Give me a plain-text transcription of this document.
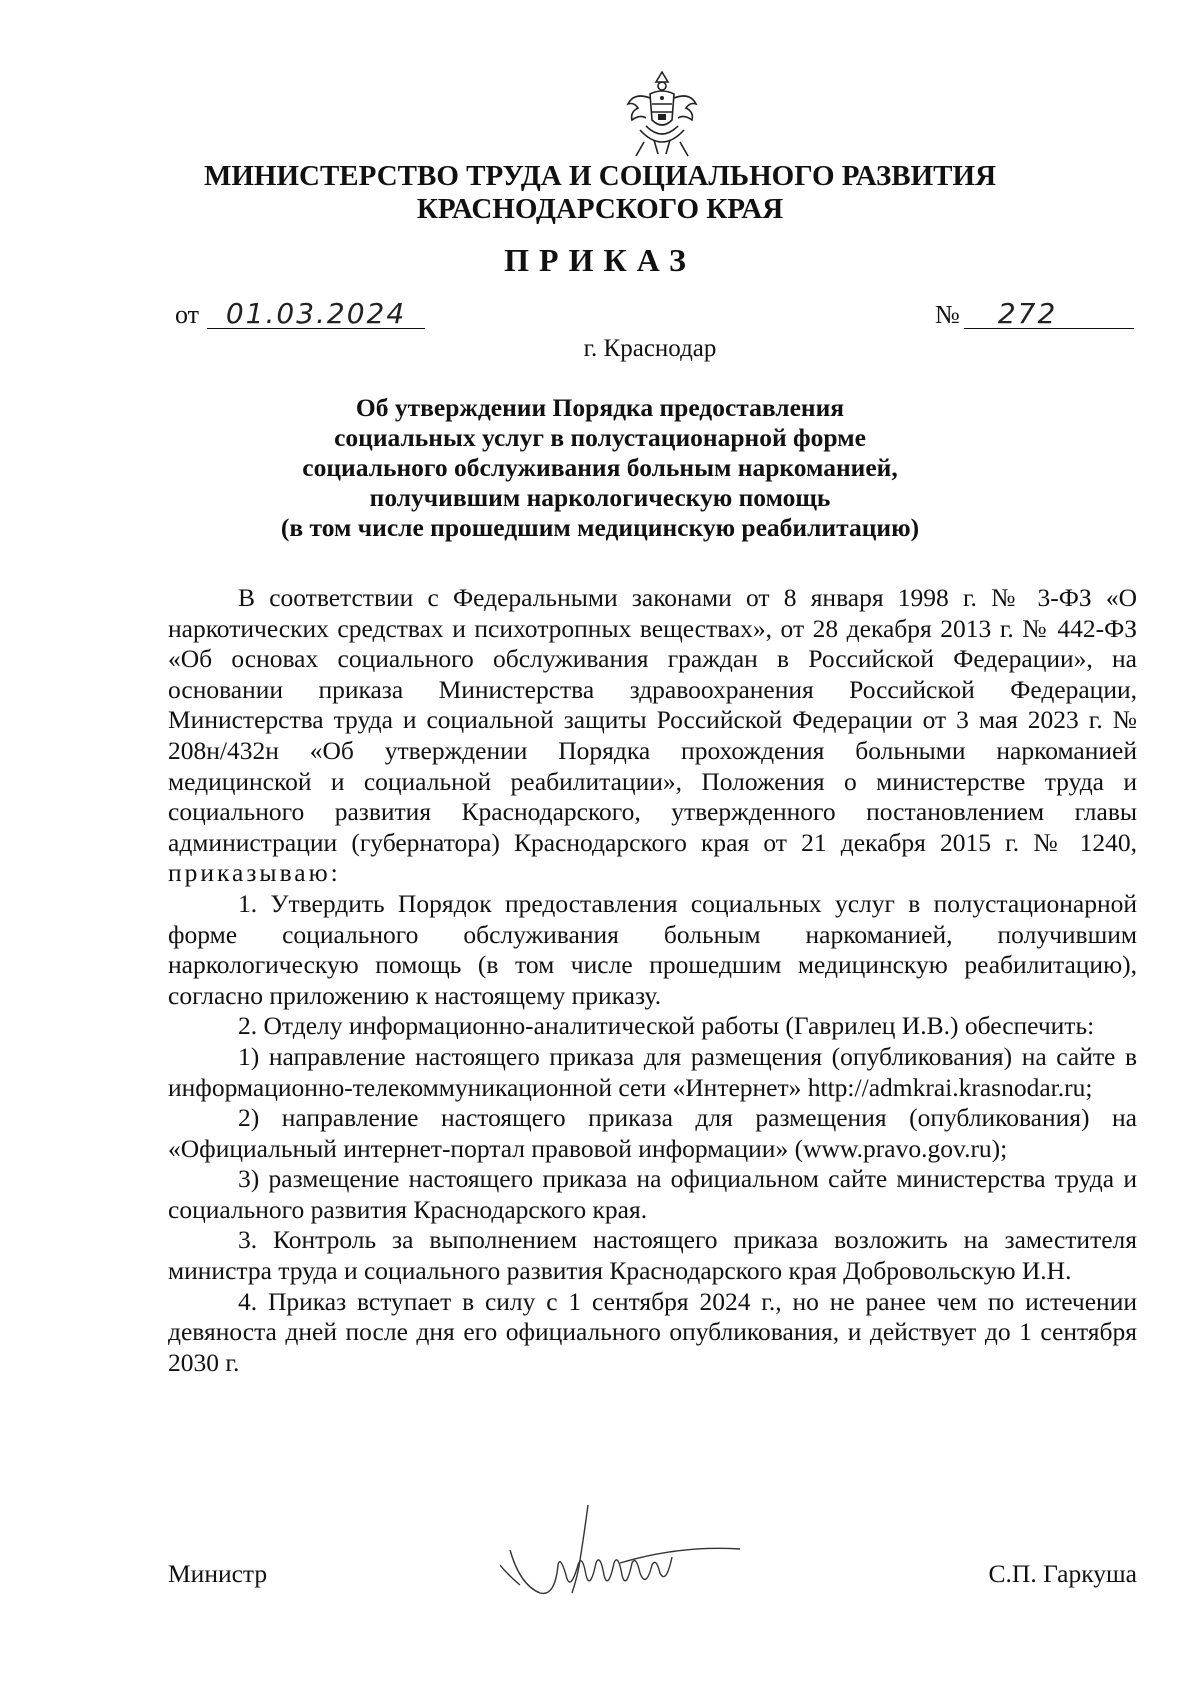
МИНИСТЕРСТВО ТРУДА И СОЦИАЛЬНОГО РАЗВИТИЯ
КРАСНОДАРСКОГО КРАЯ
ПРИКАЗ
от 01.03.2024	№ 272
г. Краснодар
Об утверждении Порядка предоставления
социальных услуг в полустационарной форме
социального обслуживания больным наркоманией,
получившим наркологическую помощь
(в том числе прошедшим медицинскую реабилитацию)

В соответствии с Федеральными законами от 8 января 1998 г. № 3-ФЗ «О наркотических средствах и психотропных веществах», от 28 декабря 2013 г. № 442-ФЗ «Об основах социального обслуживания граждан в Российской Федерации», на основании приказа Министерства здравоохранения Российской Федерации, Министерства труда и социальной защиты Российской Федерации от 3 мая 2023 г. № 208н/432н «Об утверждении Порядка прохождения больными наркоманией медицинской и социальной реабилитации», Положения о министерстве труда и социального развития Краснодарского, утвержденного постановлением главы администрации (губернатора) Краснодарского края от 21 декабря 2015 г. № 1240, приказываю:

1. Утвердить Порядок предоставления социальных услуг в полустационарной форме социального обслуживания больным наркоманией, получившим наркологическую помощь (в том числе прошедшим медицинскую реабилитацию), согласно приложению к настоящему приказу.

2. Отделу информационно-аналитической работы (Гаврилец И.В.) обеспечить:

1) направление настоящего приказа для размещения (опубликования) на сайте в информационно-телекоммуникационной сети «Интернет» http://admkrai.krasnodar.ru;

2) направление настоящего приказа для размещения (опубликования) на «Официальный интернет-портал правовой информации» (www.pravo.gov.ru);

3) размещение настоящего приказа на официальном сайте министерства труда и социального развития Краснодарского края.

3. Контроль за выполнением настоящего приказа возложить на заместителя министра труда и социального развития Краснодарского края Добровольскую И.Н.

4. Приказ вступает в силу с 1 сентября 2024 г., но не ранее чем по истечении девяноста дней после дня его официального опубликования, и действует до 1 сентября 2030 г.

Министр	С.П. Гаркуша
